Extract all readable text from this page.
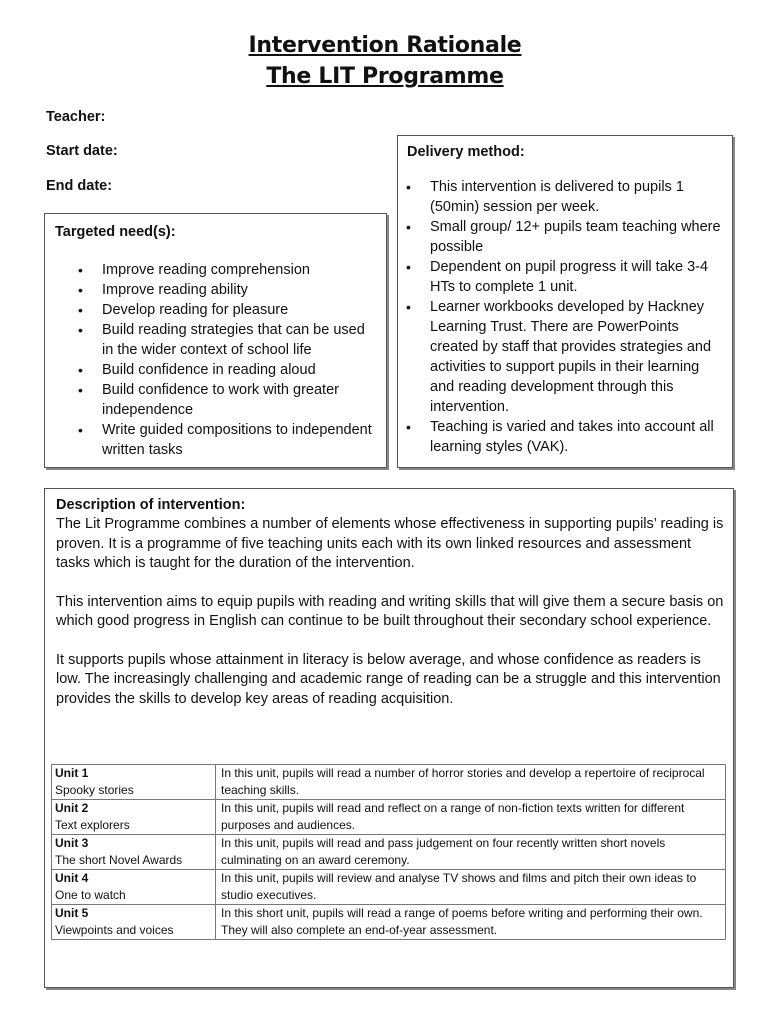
Intervention Rationale
The LIT Programme
Teacher:
Start date:
End date:
Targeted need(s):
• Improve reading comprehension
• Improve reading ability
• Develop reading for pleasure
• Build reading strategies that can be used in the wider context of school life
• Build confidence in reading aloud
• Build confidence to work with greater independence
• Write guided compositions to independent written tasks
Delivery method:
• This intervention is delivered to pupils 1 (50min) session per week.
• Small group/ 12+ pupils team teaching where possible
• Dependent on pupil progress it will take 3-4 HTs to complete 1 unit.
• Learner workbooks developed by Hackney Learning Trust. There are PowerPoints created by staff that provides strategies and activities to support pupils in their learning and reading development through this intervention.
• Teaching is varied and takes into account all learning styles (VAK).
Description of intervention:

The Lit Programme combines a number of elements whose effectiveness in supporting pupils’ reading is proven. It is a programme of five teaching units each with its own linked resources and assessment tasks which is taught for the duration of the intervention.

This intervention aims to equip pupils with reading and writing skills that will give them a secure basis on which good progress in English can continue to be built throughout their secondary school experience.

It supports pupils whose attainment in literacy is below average, and whose confidence as readers is low. The increasingly challenging and academic range of reading can be a struggle and this intervention provides the skills to develop key areas of reading acquisition.

Unit 1
Spooky stories	In this unit, pupils will read a number of horror stories and develop a repertoire of reciprocal teaching skills.

Unit 2
Text explorers	In this unit, pupils will read and reflect on a range of non-fiction texts written for different purposes and audiences.

Unit 3
The short Novel Awards	In this unit, pupils will read and pass judgement on four recently written short novels culminating on an award ceremony.

Unit 4
One to watch	In this unit, pupils will review and analyse TV shows and films and pitch their own ideas to studio executives.

Unit 5
Viewpoints and voices	In this short unit, pupils will read a range of poems before writing and performing their own. They will also complete an end-of-year assessment.
